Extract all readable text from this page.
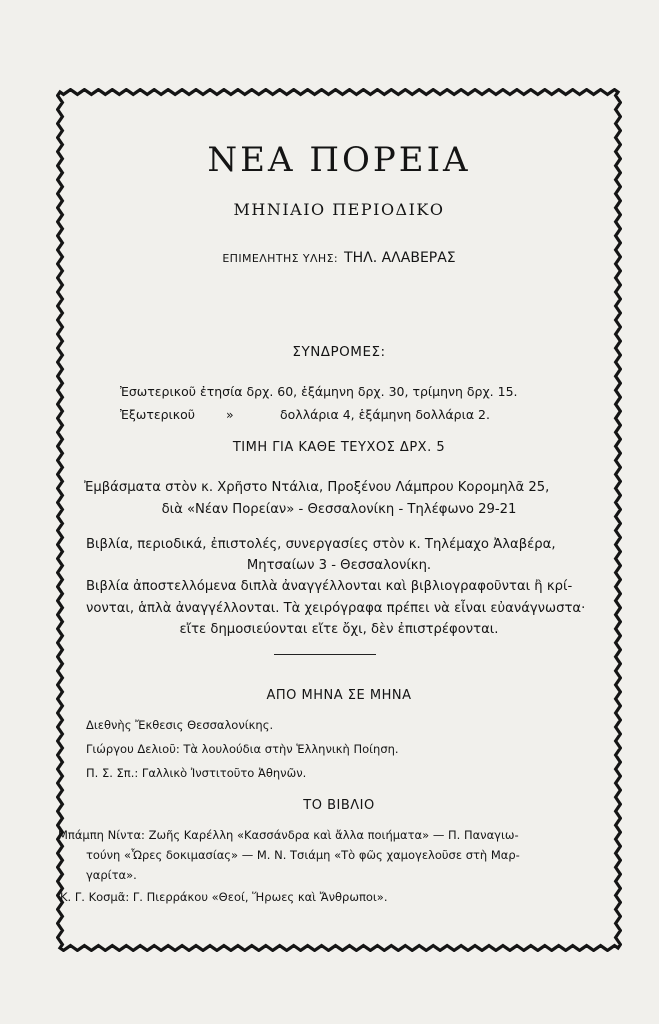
ΝΕΑ ΠΟΡΕΙΑ
ΜΗΝΙΑΙΟ ΠΕΡΙΟΔΙΚΟ
ΕΠΙΜΕΛΗΤΗΣ ΥΛΗΣ: ΤΗΛ. ΑΛΑΒΕΡΑΣ
ΣΥΝΔΡΟΜΕΣ:
Ἐσωτερικοῦ ἐτησία δρχ. 60, ἑξάμηνη δρχ. 30, τρίμηνη δρχ. 15.
Ἐξωτερικοῦ »	δολλάρια 4, ἑξάμηνη δολλάρια 2.
ΤΙΜΗ ΓΙΑ ΚΑΘΕ ΤΕΥΧΟΣ ΔΡΧ. 5
Ἐμβάσματα στὸν κ. Χρῆστο Ντάλια, Προξένου Λάμπρου Κορομηλᾶ 25,
διὰ «Νέαν Πορείαν» - Θεσσαλονίκη - Τηλέφωνο 29-21
Βιβλία, περιοδικά, ἐπιστολές, συνεργασίες στὸν κ. Τηλέμαχο Ἀλαβέρα,
Μητσαίων 3 - Θεσσαλονίκη.
Βιβλία ἀποστελλόμενα διπλὰ ἀναγγέλλονται καὶ βιβλιογραφοῦνται ἢ κρί-
νονται, ἁπλὰ ἀναγγέλλονται. Τὰ χειρόγραφα πρέπει νὰ εἶναι εὐανάγνωστα·
εἴτε δημοσιεύονται εἴτε ὄχι, δὲν ἐπιστρέφονται.
ΑΠΟ ΜΗΝΑ ΣΕ ΜΗΝΑ
Διεθνὴς Ἔκθεσις Θεσσαλονίκης.
Γιώργου Δελιοῦ: Τὰ λουλούδια στὴν Ἑλληνικὴ Ποίηση.
Π. Σ. Σπ.: Γαλλικὸ Ἰνστιτοῦτο Ἀθηνῶν.
ΤΟ ΒΙΒΛΙΟ
Μπάμπη Νίντα: Ζωῆς Καρέλλη «Κασσάνδρα καὶ ἄλλα ποιήματα» — Π. Παναγιω-
τούνη «Ὧρες δοκιμασίας» — Μ. Ν. Τσιάμη «Τὸ φῶς χαμογελοῦσε στὴ Μαρ-
γαρίτα».
Κ. Γ. Κοσμᾶ: Γ. Πιερράκου «Θεοί, Ἥρωες καὶ Ἄνθρωποι».
